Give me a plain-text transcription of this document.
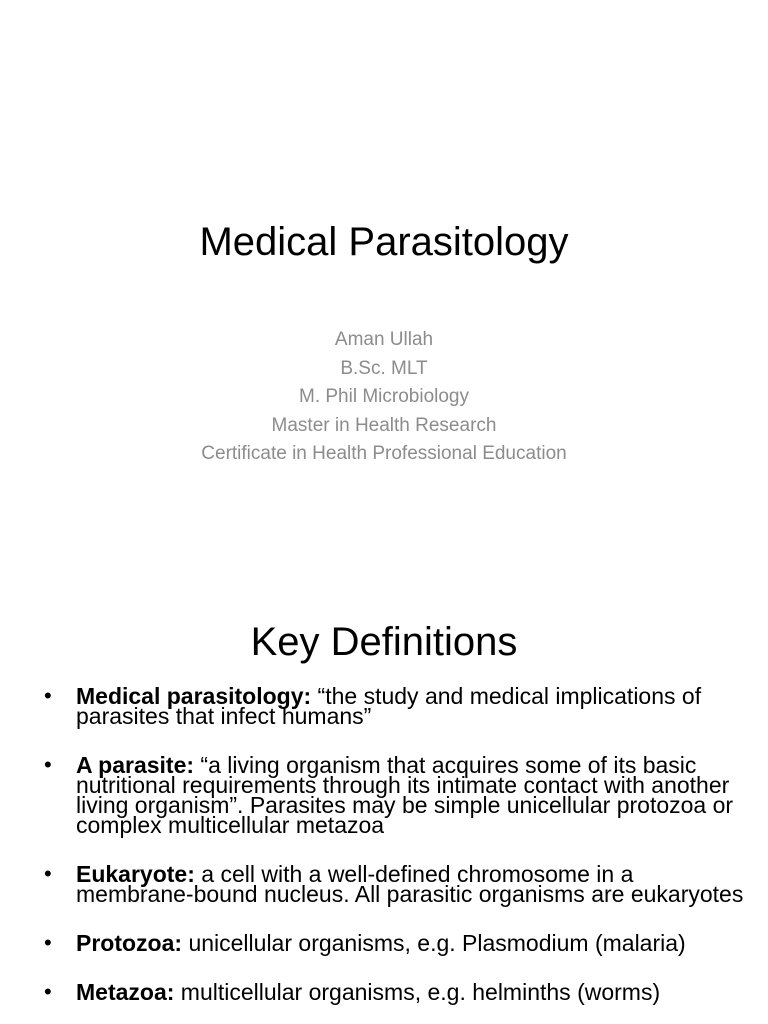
Medical Parasitology
Aman Ullah
B.Sc. MLT
M. Phil Microbiology
Master in Health Research
Certificate in Health Professional Education
Key Definitions
• Medical parasitology: “the study and medical implications of parasites that infect humans”
• A parasite: “a living organism that acquires some of its basic nutritional requirements through its intimate contact with another living organism”. Parasites may be simple unicellular protozoa or complex multicellular metazoa
• Eukaryote: a cell with a well-defined chromosome in a membrane-bound nucleus. All parasitic organisms are eukaryotes
• Protozoa: unicellular organisms, e.g. Plasmodium (malaria)
• Metazoa: multicellular organisms, e.g. helminths (worms)
